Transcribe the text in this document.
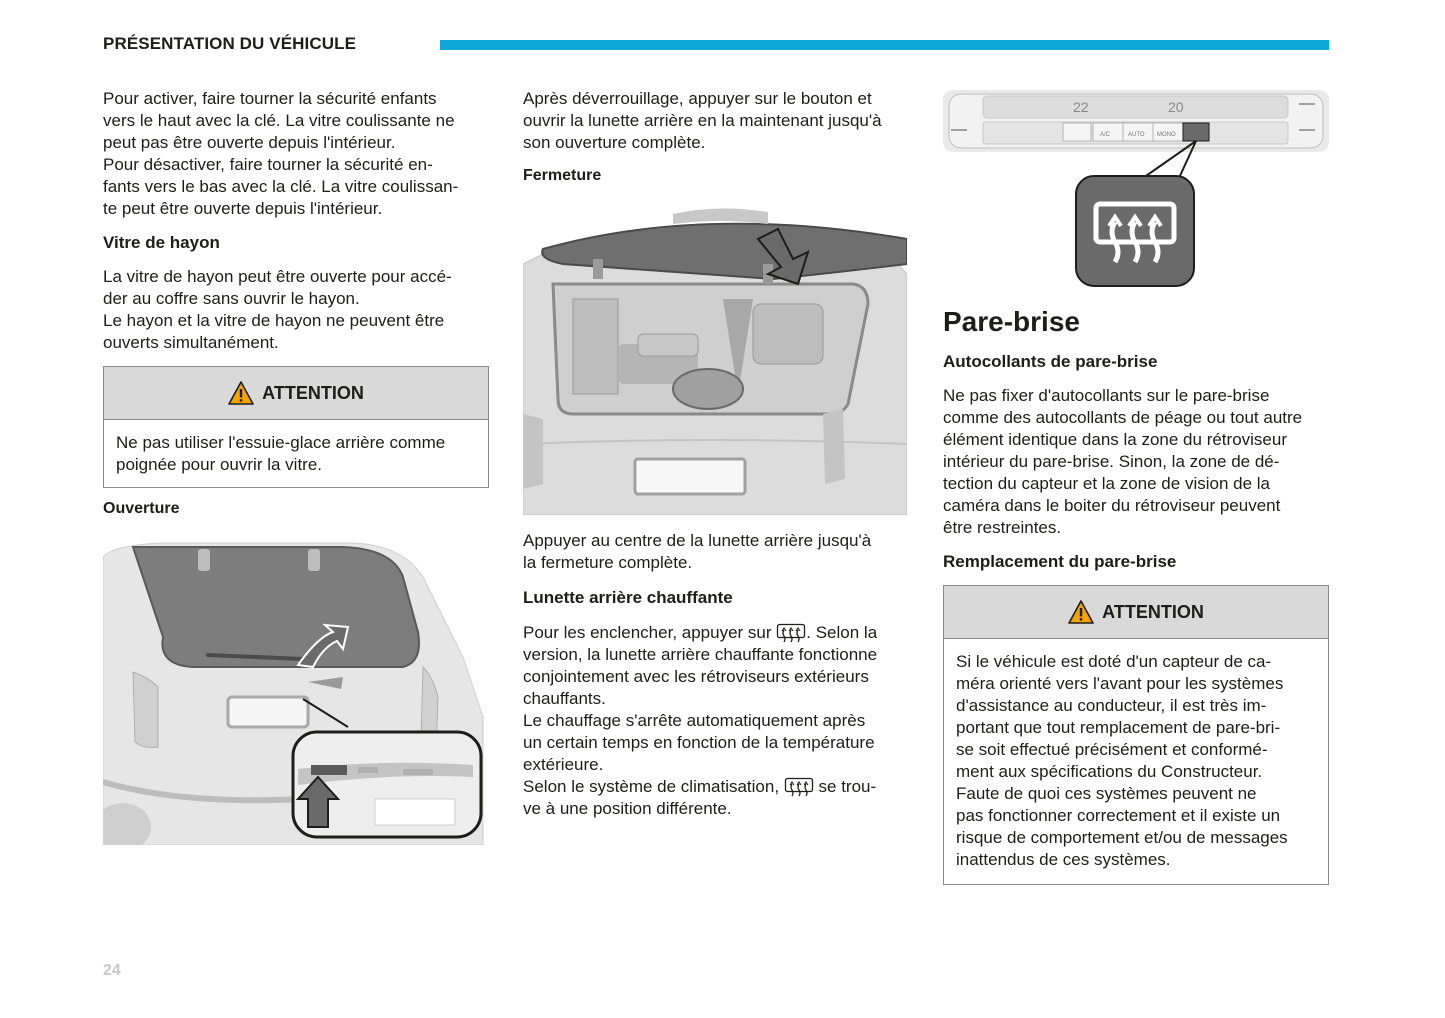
PRÉSENTATION DU VÉHICULE

Pour activer, faire tourner la sécurité enfants
vers le haut avec la clé. La vitre coulissante ne
peut pas être ouverte depuis l'intérieur.
Pour désactiver, faire tourner la sécurité en-
fants vers le bas avec la clé. La vitre coulissan-
te peut être ouverte depuis l'intérieur.

Vitre de hayon

La vitre de hayon peut être ouverte pour accé-
der au coffre sans ouvrir le hayon.
Le hayon et la vitre de hayon ne peuvent être
ouverts simultanément.

ATTENTION
Ne pas utiliser l'essuie-glace arrière comme
poignée pour ouvrir la vitre.
Ouverture

Après déverrouillage, appuyer sur le bouton et
ouvrir la lunette arrière en la maintenant jusqu'à
son ouverture complète.

Fermeture

Appuyer au centre de la lunette arrière jusqu'à
la fermeture complète.

Lunette arrière chauffante

Pour les enclencher, appuyer sur . Selon la
version, la lunette arrière chauffante fonctionne
conjointement avec les rétroviseurs extérieurs
chauffants.
Le chauffage s'arrête automatiquement après
un certain temps en fonction de la température
extérieure.
Selon le système de climatisation,  se trou-
ve à une position différente.

22	20
A/C	AUTO MONO
Pare-brise
Autocollants de pare-brise

Ne pas fixer d'autocollants sur le pare-brise
comme des autocollants de péage ou tout autre
élément identique dans la zone du rétroviseur
intérieur du pare-brise. Sinon, la zone de dé-
tection du capteur et la zone de vision de la
caméra dans le boiter du rétroviseur peuvent
être restreintes.

Remplacement du pare-brise
ATTENTION
Si le véhicule est doté d'un capteur de ca-
méra orienté vers l'avant pour les systèmes
d'assistance au conducteur, il est très im-
portant que tout remplacement de pare-bri-
se soit effectué précisément et conformé-
ment aux spécifications du Constructeur.
Faute de quoi ces systèmes peuvent ne
pas fonctionner correctement et il existe un
risque de comportement et/ou de messages
inattendus de ces systèmes.
24
